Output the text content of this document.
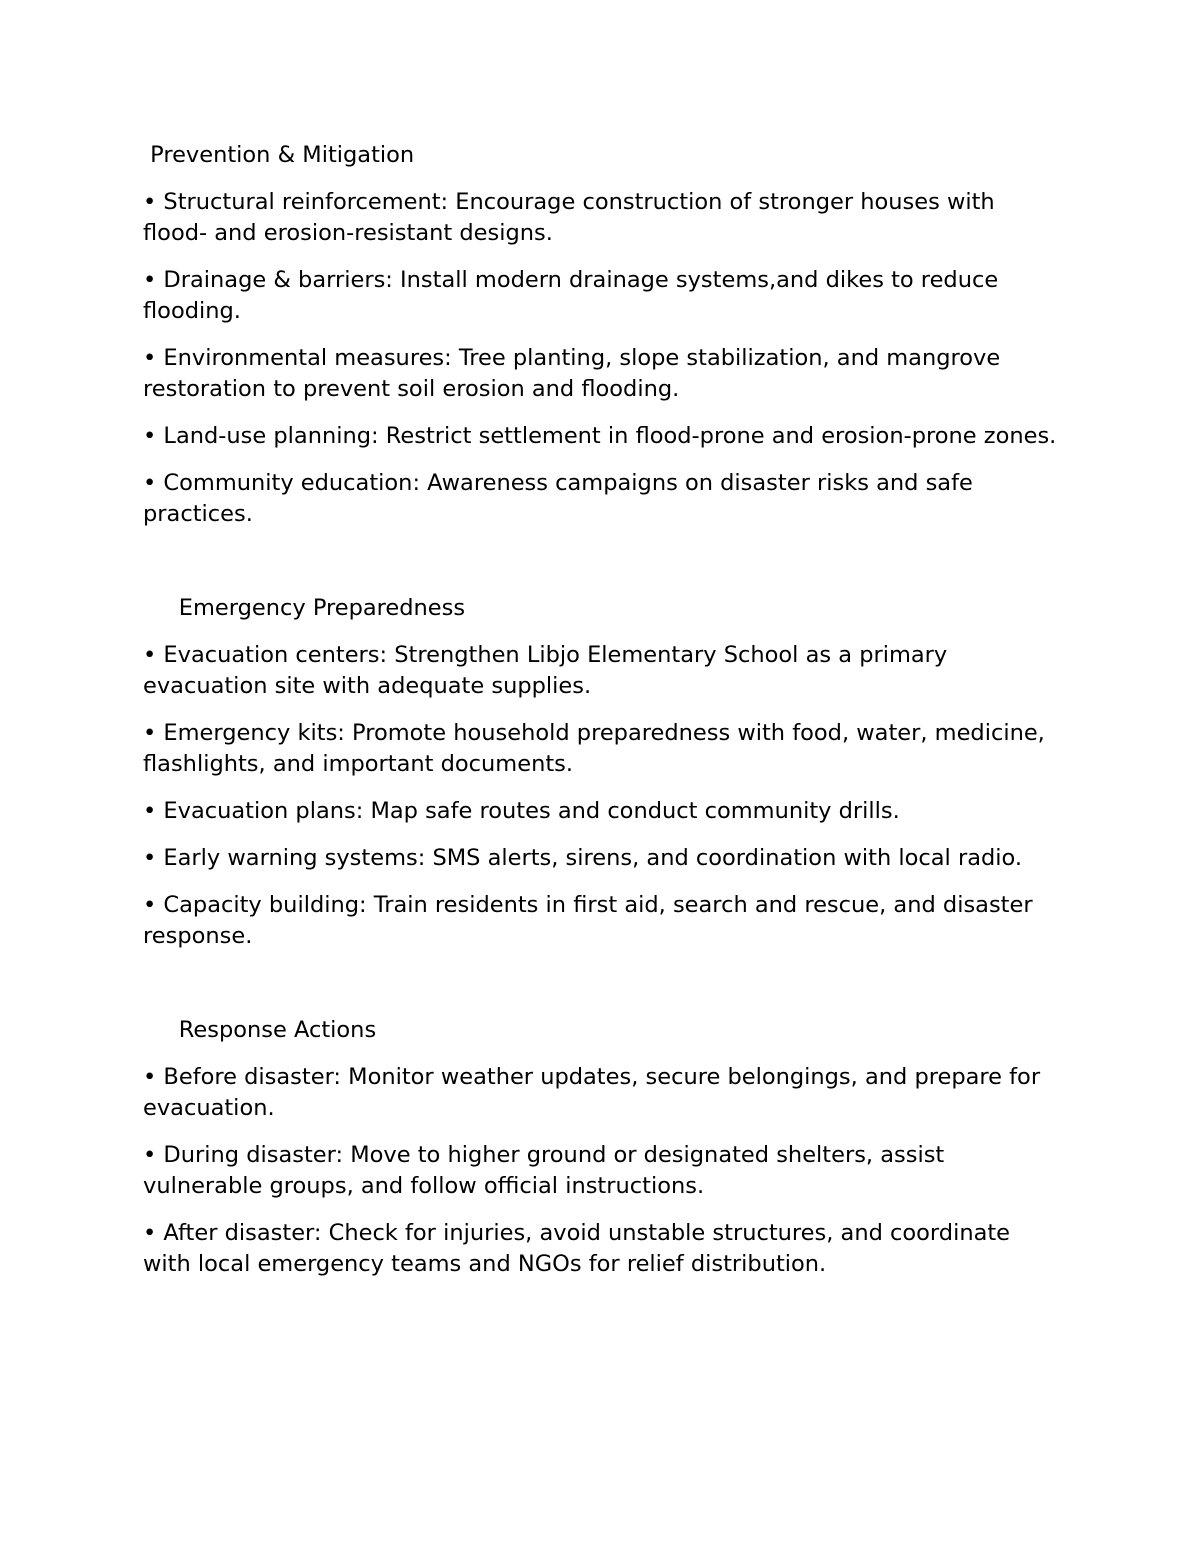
Prevention & Mitigation

• Structural reinforcement: Encourage construction of stronger houses with flood- and erosion-resistant designs.

• Drainage & barriers: Install modern drainage systems,and dikes to reduce flooding.

• Environmental measures: Tree planting, slope stabilization, and mangrove restoration to prevent soil erosion and flooding.

• Land-use planning: Restrict settlement in flood-prone and erosion-prone zones.

• Community education: Awareness campaigns on disaster risks and safe practices.

Emergency Preparedness

• Evacuation centers: Strengthen Libjo Elementary School as a primary evacuation site with adequate supplies.

• Emergency kits: Promote household preparedness with food, water, medicine, flashlights, and important documents.

• Evacuation plans: Map safe routes and conduct community drills.

• Early warning systems: SMS alerts, sirens, and coordination with local radio.

• Capacity building: Train residents in first aid, search and rescue, and disaster response.

Response Actions

• Before disaster: Monitor weather updates, secure belongings, and prepare for evacuation.

• During disaster: Move to higher ground or designated shelters, assist vulnerable groups, and follow official instructions.

• After disaster: Check for injuries, avoid unstable structures, and coordinate with local emergency teams and NGOs for relief distribution.
